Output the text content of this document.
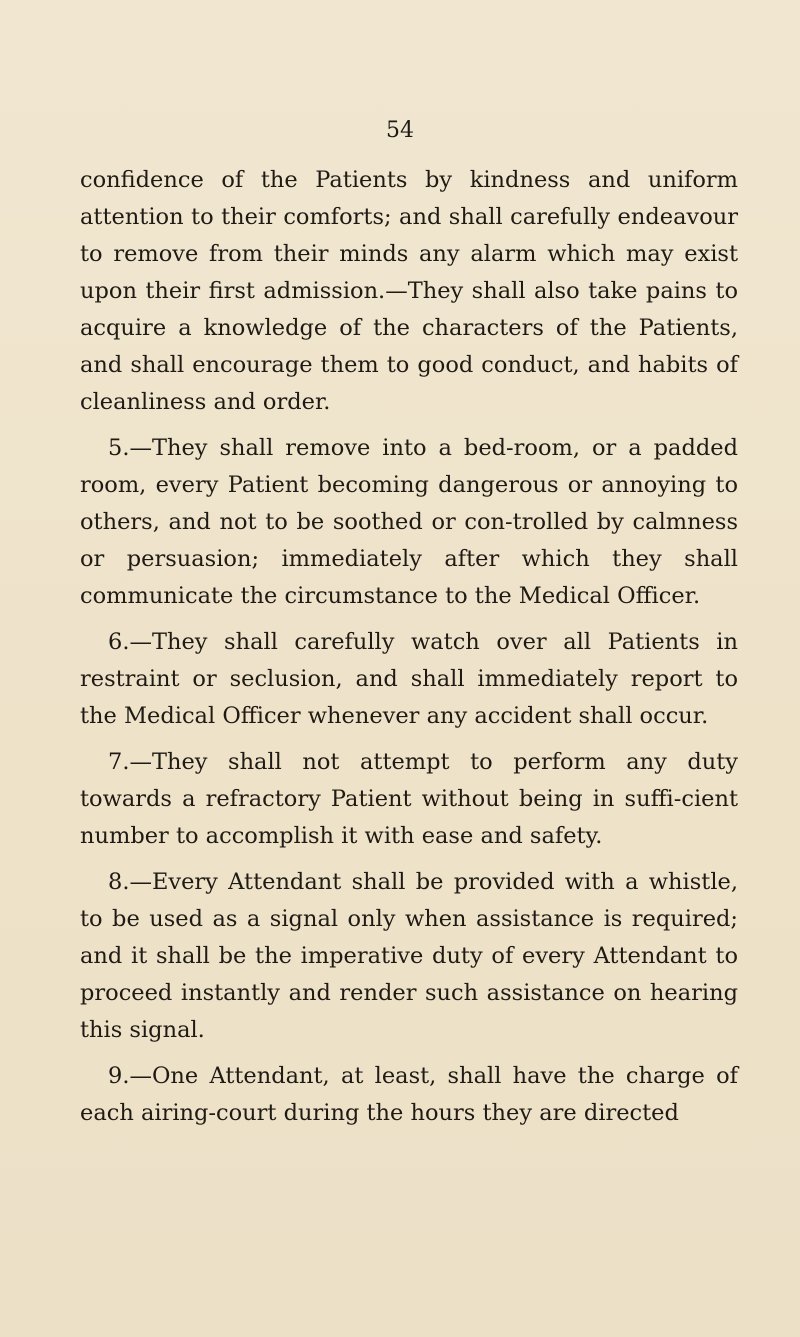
54

confidence of the Patients by kindness and uniform attention to their comforts; and shall carefully endeavour to remove from their minds any alarm which may exist upon their first admission.—They shall also take pains to acquire a knowledge of the characters of the Patients, and shall encourage them to good conduct, and habits of cleanliness and order.

5.—They shall remove into a bed-room, or a padded room, every Patient becoming dangerous or annoying to others, and not to be soothed or con-trolled by calmness or persuasion; immediately after which they shall communicate the circumstance to the Medical Officer.

6.—They shall carefully watch over all Patients in restraint or seclusion, and shall immediately report to the Medical Officer whenever any accident shall occur.

7.—They shall not attempt to perform any duty towards a refractory Patient without being in suffi-cient number to accomplish it with ease and safety.

8.—Every Attendant shall be provided with a whistle, to be used as a signal only when assistance is required; and it shall be the imperative duty of every Attendant to proceed instantly and render such assistance on hearing this signal.

9.—One Attendant, at least, shall have the charge of each airing-court during the hours they are directed
